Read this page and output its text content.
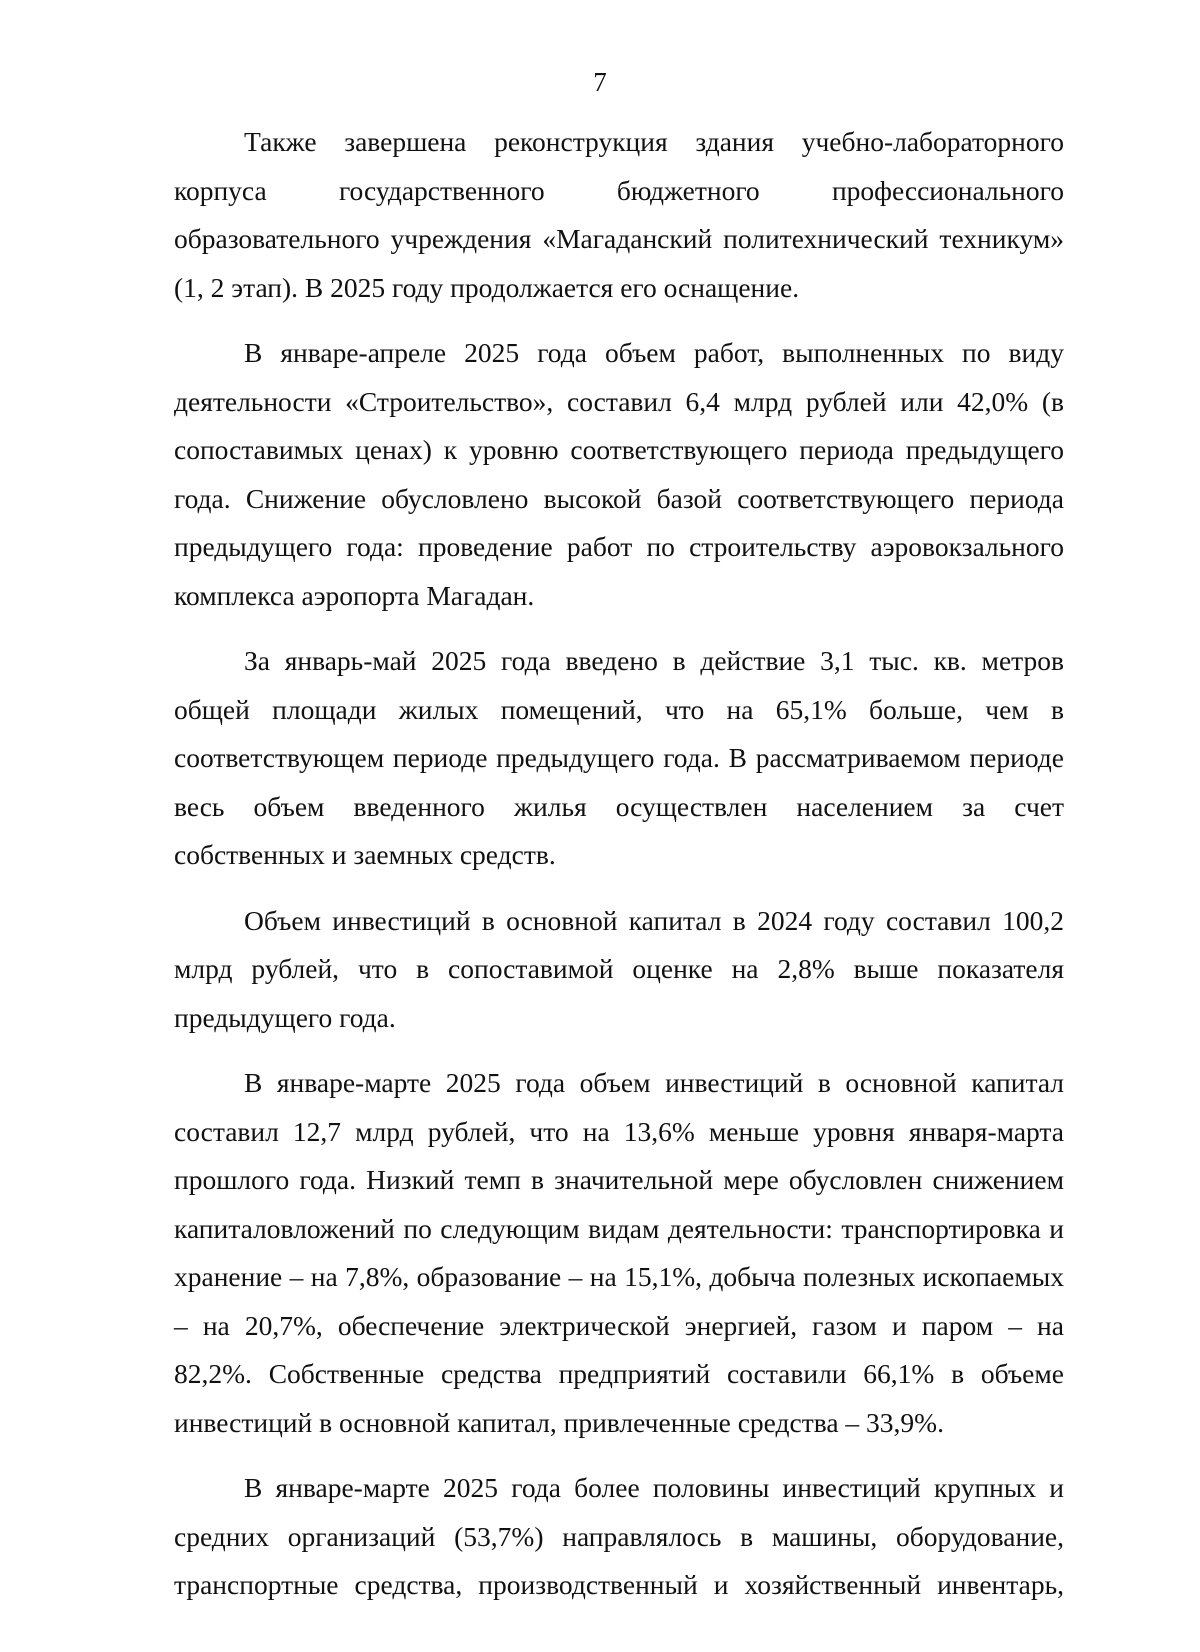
7

Также завершена реконструкция здания учебно-лабораторного корпуса государственного бюджетного профессионального образовательного учреждения «Магаданский политехнический техникум» (1, 2 этап). В 2025 году продолжается его оснащение.

В январе-апреле 2025 года объем работ, выполненных по виду деятельности «Строительство», составил 6,4 млрд рублей или 42,0% (в сопоставимых ценах) к уровню соответствующего периода предыдущего года. Снижение обусловлено высокой базой соответствующего периода предыдущего года: проведение работ по строительству аэровокзального комплекса аэропорта Магадан.

За январь-май 2025 года введено в действие 3,1 тыс. кв. метров общей площади жилых помещений, что на 65,1% больше, чем в соответствующем периоде предыдущего года. В рассматриваемом периоде весь объем введенного жилья осуществлен населением за счет собственных и заемных средств.

Объем инвестиций в основной капитал в 2024 году составил 100,2 млрд рублей, что в сопоставимой оценке на 2,8% выше показателя предыдущего года.

В январе-марте 2025 года объем инвестиций в основной капитал составил 12,7 млрд рублей, что на 13,6% меньше уровня января-марта прошлого года. Низкий темп в значительной мере обусловлен снижением капиталовложений по следующим видам деятельности: транспортировка и хранение – на 7,8%, образование – на 15,1%, добыча полезных ископаемых – на 20,7%, обеспечение электрической энергией, газом и паром – на 82,2%. Собственные средства предприятий составили 66,1% в объеме инвестиций в основной капитал, привлеченные средства – 33,9%.

В январе-марте 2025 года более половины инвестиций крупных и средних организаций (53,7%) направлялось в машины, оборудование, транспортные средства, производственный и хозяйственный инвентарь,
